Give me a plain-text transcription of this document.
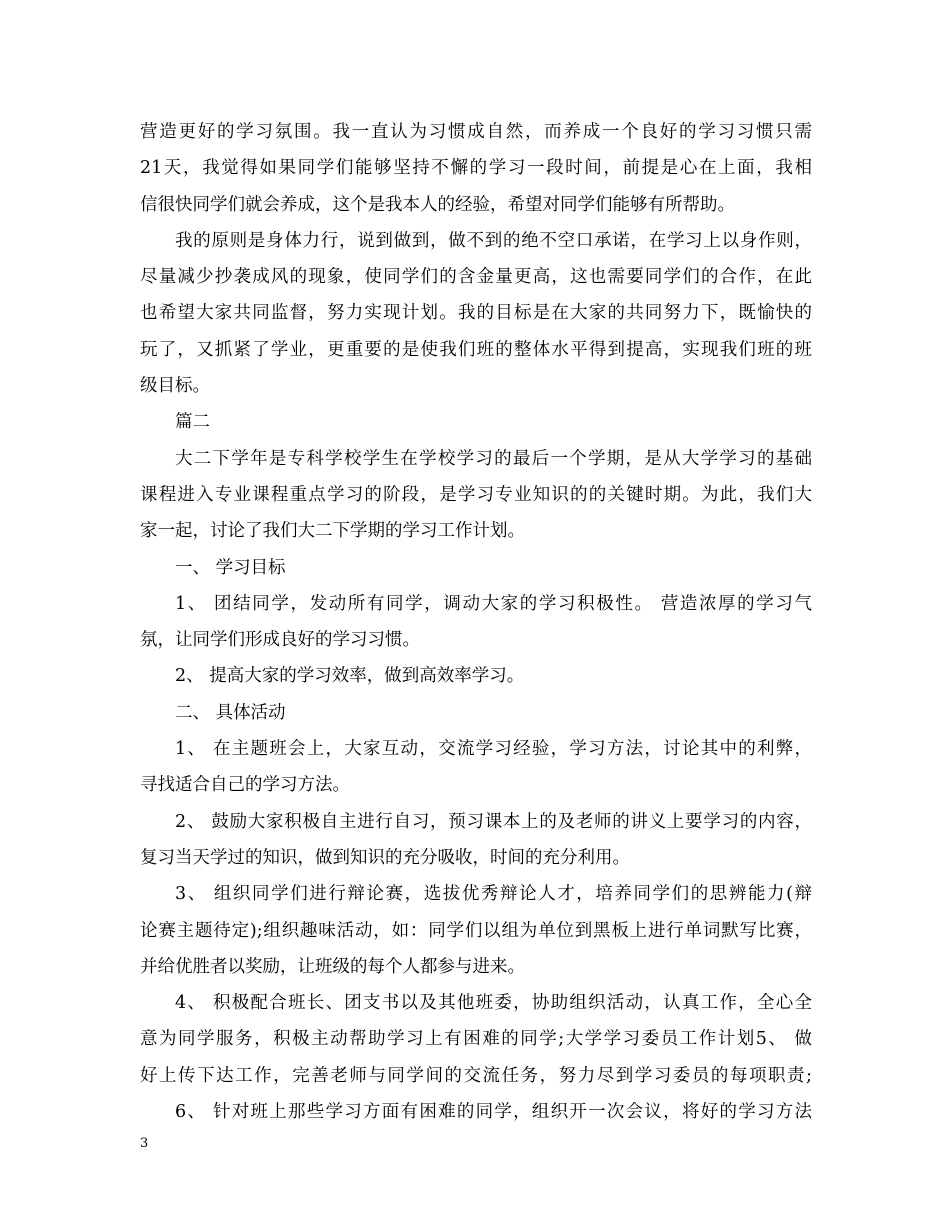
营造更好的学习氛围。我一直认为习惯成自然，而养成一个良好的学习习惯只需
21天，我觉得如果同学们能够坚持不懈的学习一段时间，前提是心在上面，我相
信很快同学们就会养成，这个是我本人的经验，希望对同学们能够有所帮助。
我的原则是身体力行，说到做到，做不到的绝不空口承诺，在学习上以身作则，
尽量减少抄袭成风的现象，使同学们的含金量更高，这也需要同学们的合作，在此
也希望大家共同监督，努力实现计划。我的目标是在大家的共同努力下，既愉快的
玩了，又抓紧了学业，更重要的是使我们班的整体水平得到提高，实现我们班的班
级目标。
篇二
大二下学年是专科学校学生在学校学习的最后一个学期，是从大学学习的基础
课程进入专业课程重点学习的阶段，是学习专业知识的的关键时期。为此，我们大
家一起，讨论了我们大二下学期的学习工作计划。
一、 学习目标
1、 团结同学，发动所有同学，调动大家的学习积极性。 营造浓厚的学习气
氛，让同学们形成良好的学习习惯。
2、 提高大家的学习效率，做到高效率学习。
二、 具体活动
1、 在主题班会上，大家互动，交流学习经验，学习方法，讨论其中的利弊，
寻找适合自己的学习方法。
2、 鼓励大家积极自主进行自习，预习课本上的及老师的讲义上要学习的内容，
复习当天学过的知识，做到知识的充分吸收，时间的充分利用。
3、 组织同学们进行辩论赛，选拔优秀辩论人才，培养同学们的思辨能力(辩
论赛主题待定);组织趣味活动，如：同学们以组为单位到黑板上进行单词默写比赛，
并给优胜者以奖励，让班级的每个人都参与进来。
4、 积极配合班长、团支书以及其他班委，协助组织活动，认真工作，全心全
意为同学服务，积极主动帮助学习上有困难的同学;大学学习委员工作计划5、 做
好上传下达工作，完善老师与同学间的交流任务，努力尽到学习委员的每项职责;
6、 针对班上那些学习方面有困难的同学，组织开一次会议，将好的学习方法
3
